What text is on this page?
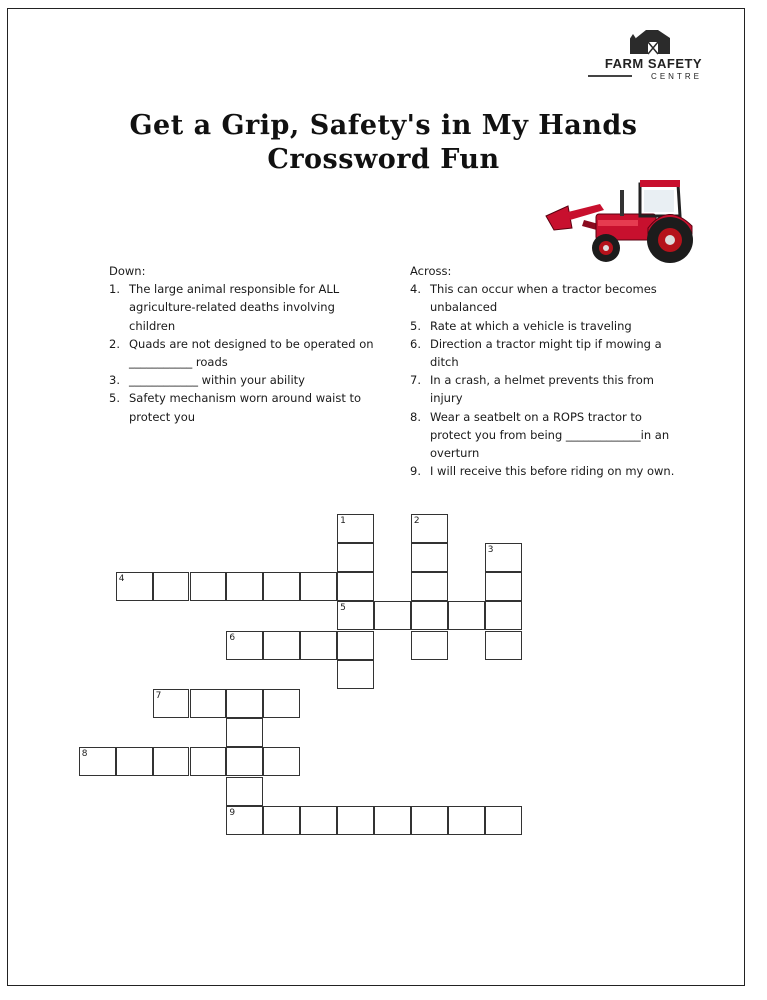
FARM SAFETY
CENTRE
Get a Grip, Safety's in My Hands
Crossword Fun
Down:
1. The large animal responsible for ALL agriculture-related deaths involving children
2. Quads are not designed to be operated on ___________ roads
3. ____________ within your ability
5. Safety mechanism worn around waist to protect you
Across:
4. This can occur when a tractor becomes unbalanced
5. Rate at which a vehicle is traveling
6. Direction a tractor might tip if mowing a ditch
7. In a crash, a helmet prevents this from injury
8. Wear a seatbelt on a ROPS tractor to protect you from being _____________in an overturn
9. I will receive this before riding on my own.
1	2
3
4
5
6
7
8
9
